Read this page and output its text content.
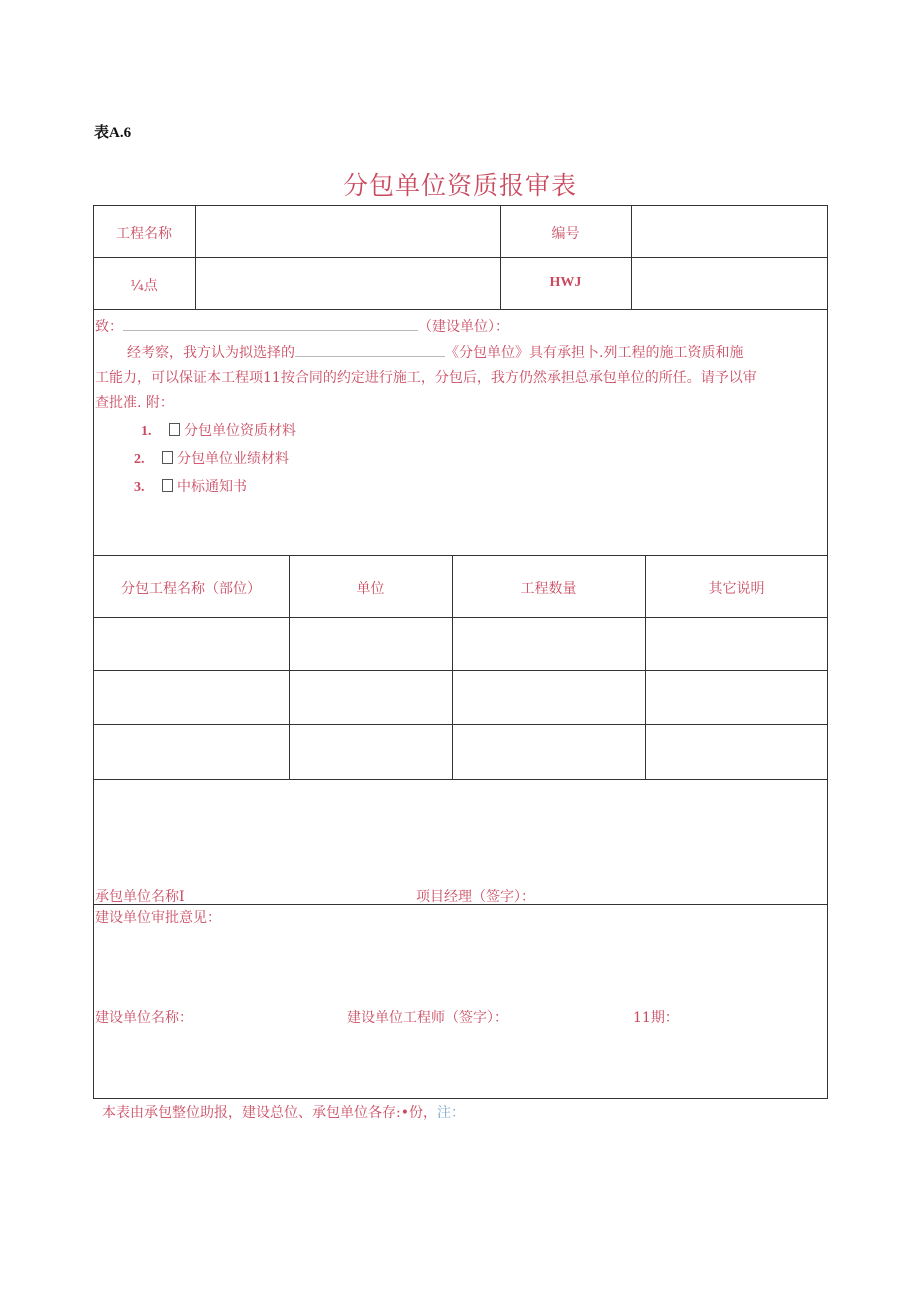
表A.6
分包单位资质报审表
工程名称	编号
¼点	HWJ
致：	（建设单位）：
经考察，我方认为拟选择的	《分包单位》具有承担卜.列工程的施工资质和施
工能力，可以保证本工程项11按合同的约定进行施工，分包后，我方仍然承担总承包单位的所任。请予以审
查批准. 附：
1. 分包单位资质材料
2. 分包单位业绩材料
3. 中标通知书
分包工程名称（部位）	单位	工程数量	其它说明
承包单位名称I	项目经理（签字）：
建设单位审批意见：
建设单位名称：	建设单位工程师（签字）：	11期：
本表由承包整位助报，建设总位、承包单位各存:•份，注：
